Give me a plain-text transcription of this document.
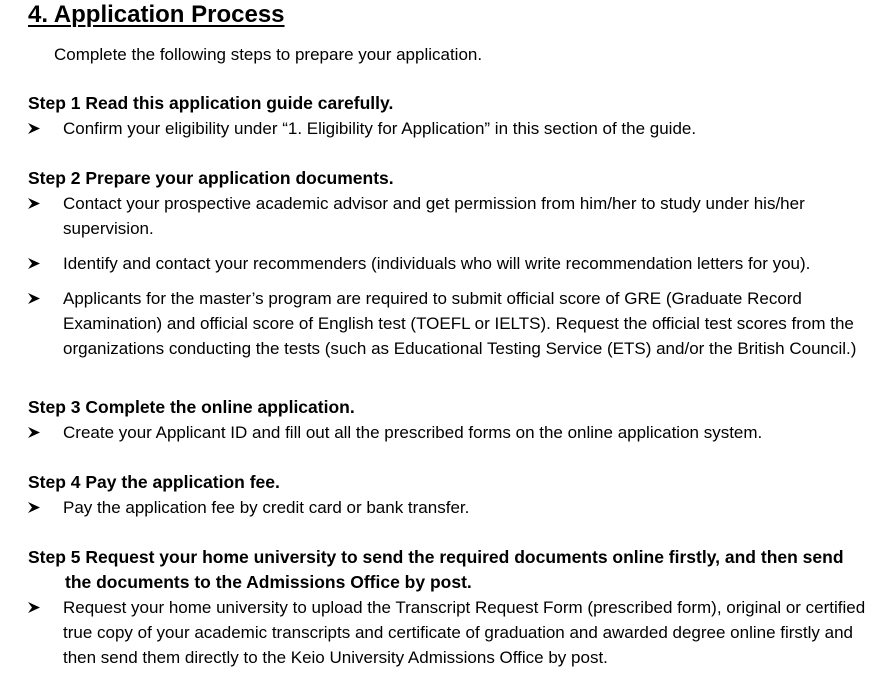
4. Application Process
Complete the following steps to prepare your application.
Step 1 Read this application guide carefully.
Confirm your eligibility under “1. Eligibility for Application” in this section of the guide.
Step 2 Prepare your application documents.
Contact your prospective academic advisor and get permission from him/her to study under his/her supervision.
Identify and contact your recommenders (individuals who will write recommendation letters for you).
Applicants for the master’s program are required to submit official score of GRE (Graduate Record Examination) and official score of English test (TOEFL or IELTS). Request the official test scores from the organizations conducting the tests (such as Educational Testing Service (ETS) and/or the British Council.)
Step 3 Complete the online application.
Create your Applicant ID and fill out all the prescribed forms on the online application system.
Step 4 Pay the application fee.
Pay the application fee by credit card or bank transfer.
Step 5 Request your home university to send the required documents online firstly, and then send
the documents to the Admissions Office by post.
Request your home university to upload the Transcript Request Form (prescribed form), original or certified true copy of your academic transcripts and certificate of graduation and awarded degree online firstly and then send them directly to the Keio University Admissions Office by post.
